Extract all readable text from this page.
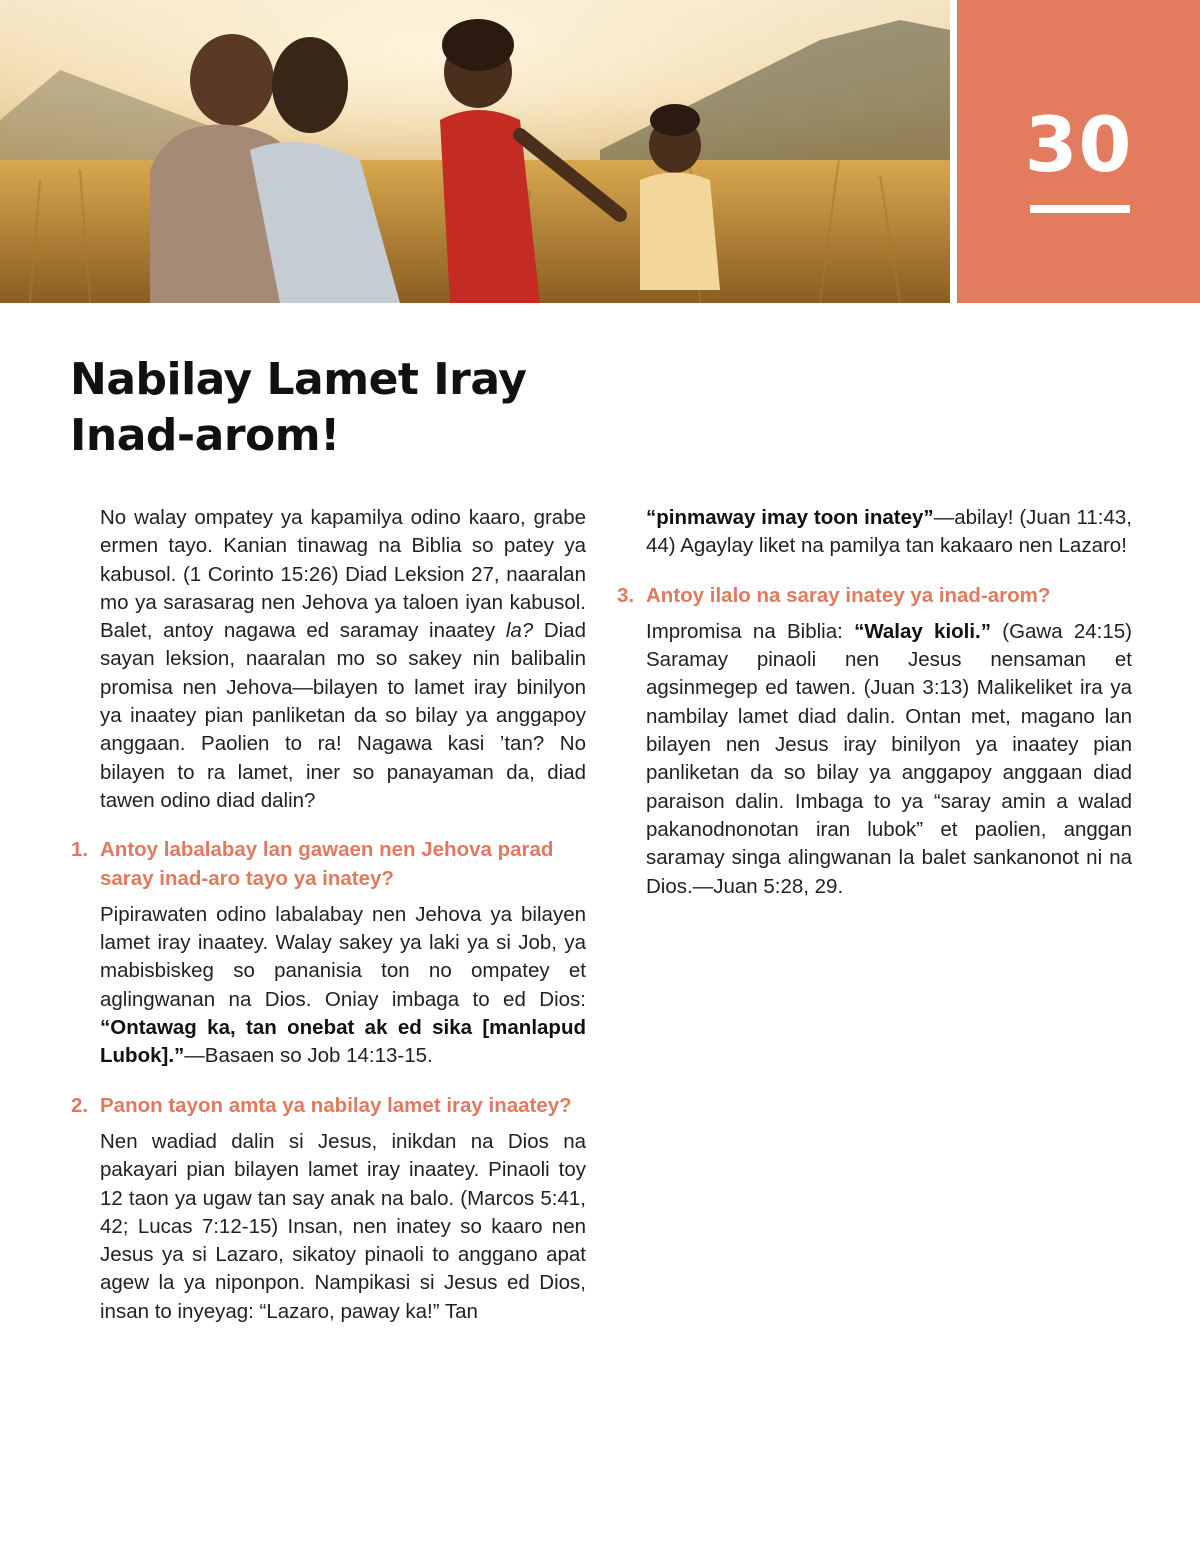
30
Nabilay Lamet Iray
Inad-arom!

No walay ompatey ya kapamilya odino kaaro, grabe ermen tayo. Kanian tinawag na Biblia so patey ya kabusol. (1 Corinto 15:26) Diad Leksion 27, naaralan mo ya sarasarag nen Jehova ya taloen iyan kabusol. Balet, antoy nagawa ed saramay inaatey la? Diad sayan leksion, naaralan mo so sakey nin balibalin promisa nen Jehova—bilayen to lamet iray binilyon ya inaatey pian panliketan da so bilay ya anggapoy anggaan. Paolien to ra! Nagawa kasi ’tan? No bilayen to ra lamet, iner so panayaman da, diad tawen odino diad dalin?

1. Antoy labalabay lan gawaen nen Jehova parad saray inad-aro tayo ya inatey?

Pipirawaten odino labalabay nen Jehova ya bilayen lamet iray inaatey. Walay sakey ya laki ya si Job, ya mabisbiskeg so pananisia ton no ompatey et aglingwanan na Dios. Oniay imbaga to ed Dios: “Ontawag ka, tan onebat ak ed sika [manlapud Lubok].”—Basaen so Job 14:13-15.

2. Panon tayon amta ya nabilay lamet iray inaatey?

Nen wadiad dalin si Jesus, inikdan na Dios na pakayari pian bilayen lamet iray inaatey. Pinaoli toy 12 taon ya ugaw tan say anak na balo. (Marcos 5:41, 42; Lucas 7:12-15) Insan, nen inatey so kaaro nen Jesus ya si Lazaro, sikatoy pinaoli to anggano apat agew la ya niponpon. Nampikasi si Jesus ed Dios, insan to inyeyag: “Lazaro, paway ka!” Tan

“pinmaway imay toon inatey”—abilay! (Juan 11:43, 44) Agaylay liket na pamilya tan kakaaro nen Lazaro!

3. Antoy ilalo na saray inatey ya inad-arom?

Impromisa na Biblia: “Walay kioli.” (Gawa 24:15) Saramay pinaoli nen Jesus nensaman et agsinmegep ed tawen. (Juan 3:13) Malikeliket ira ya nambilay lamet diad dalin. Ontan met, magano lan bilayen nen Jesus iray binilyon ya inaatey pian panliketan da so bilay ya anggapoy anggaan diad paraison dalin. Imbaga to ya “saray amin a walad pakanodnonotan iran lubok” et paolien, anggan saramay singa alingwanan la balet sankanonot ni na Dios.—Juan 5:28, 29.
